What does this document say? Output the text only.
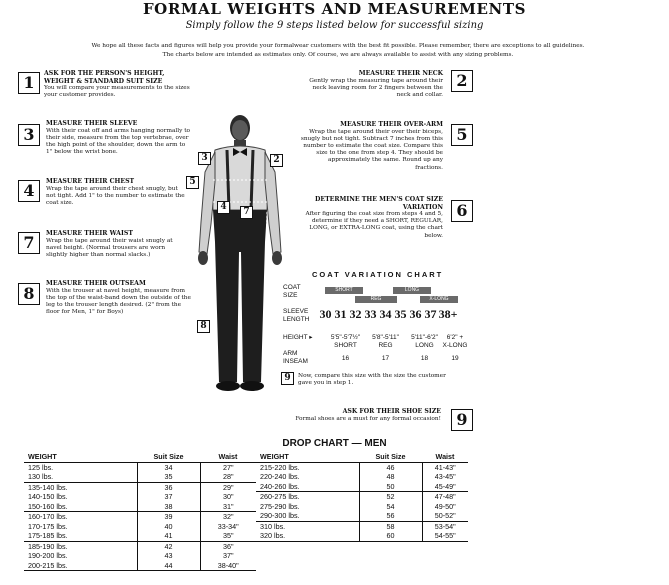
FORMAL WEIGHTS AND MEASUREMENTS
Simply follow the 9 steps listed below for successful sizing
We hope all these facts and figures will help you provide your formalwear customers with the best fit possible. Please remember, there are exceptions to all guidelines.
The charts below are intended as estimates only. Of course, we are always available to assist with any sizing problems.
1	ASK FOR THE PERSON'S HEIGHT, WEIGHT & STANDARD SUIT SIZE
You will compare your measurements to the sizes your customer provides.
MEASURE THEIR NECK
Gently wrap the measuring tape around their neck leaving room for 2 fingers between the neck and collar.
2
3
MEASURE THEIR SLEEVE
With their coat off and arms hanging normally to their side, measure from the top vertebrae, over the high point of the shoulder, down the arm to 1" below the wrist bone.
MEASURE THEIR OVER-ARM
Wrap the tape around their over their biceps, snugly but not tight. Subtract 7 inches from this number to estimate the coat size. Compare this size to the one from step 4. They should be approximately the same. Round up any fractions.
5
4	MEASURE THEIR CHEST
Wrap the tape around their chest snugly, but not tight. Add 1" to the number to estimate the coat size.	DETERMINE THE MEN'S COAT SIZE VARIATION
After figuring the coat size from steps 4 and 5, determine if they need a SHORT, REGULAR, LONG, or EXTRA-LONG coat, using the chart below.
6
7	MEASURE THEIR WAIST
Wrap the tape around their waist snugly at navel height. (Normal trousers are worn slightly higher than normal slacks.)
8
MEASURE THEIR OUTSEAM
With the trouser at navel height, measure from the top of the waist-band down the outside of the leg to the trouser length desired. (2" from the floor for Men, 1" for Boys)
ASK FOR THEIR SHOE SIZE
Formal shoes are a must for any formal occasion! 9
3	2
5
4	7
8
9	Now, compare this size with the size the customer gave you in step 1.
COAT VARIATION CHART
COAT SIZE
SHORT	LONG
REG	X-LONG
SLEEVE LENGTH 30 31 32 33 34 35 36 37 38+
HEIGHT ▸	5'5"-5'7½"	5'8"-5'11"	5'11"-6'2"	6'2" +
SHORT	REG	LONG	X-LONG
ARM INSEAM	16	17	18	19
DROP CHART — MEN
WEIGHT	Suit Size	Waist
125 lbs.	34	27"
130 lbs.	35	28"
135-140 lbs.	36	29"
140-150 lbs.	37	30"
150-160 lbs.	38	31"
160-170 lbs.	39	32"
170-175 lbs.	40	33-34"
175-185 lbs.	41	35"
185-190 lbs.	42	36"
190-200 lbs.	43	37"
200-215 lbs.	44	38-40"
WEIGHT	Suit Size	Waist
215-220 lbs.	46	41-43"
220-240 lbs.	48	43-45"
240-260 lbs.	50	45-49"
260-275 lbs.	52	47-48"
275-290 lbs.	54	49-50"
290-300 lbs.	56	50-52"
310 lbs.	58	53-54"
320 lbs.	60	54-55"
